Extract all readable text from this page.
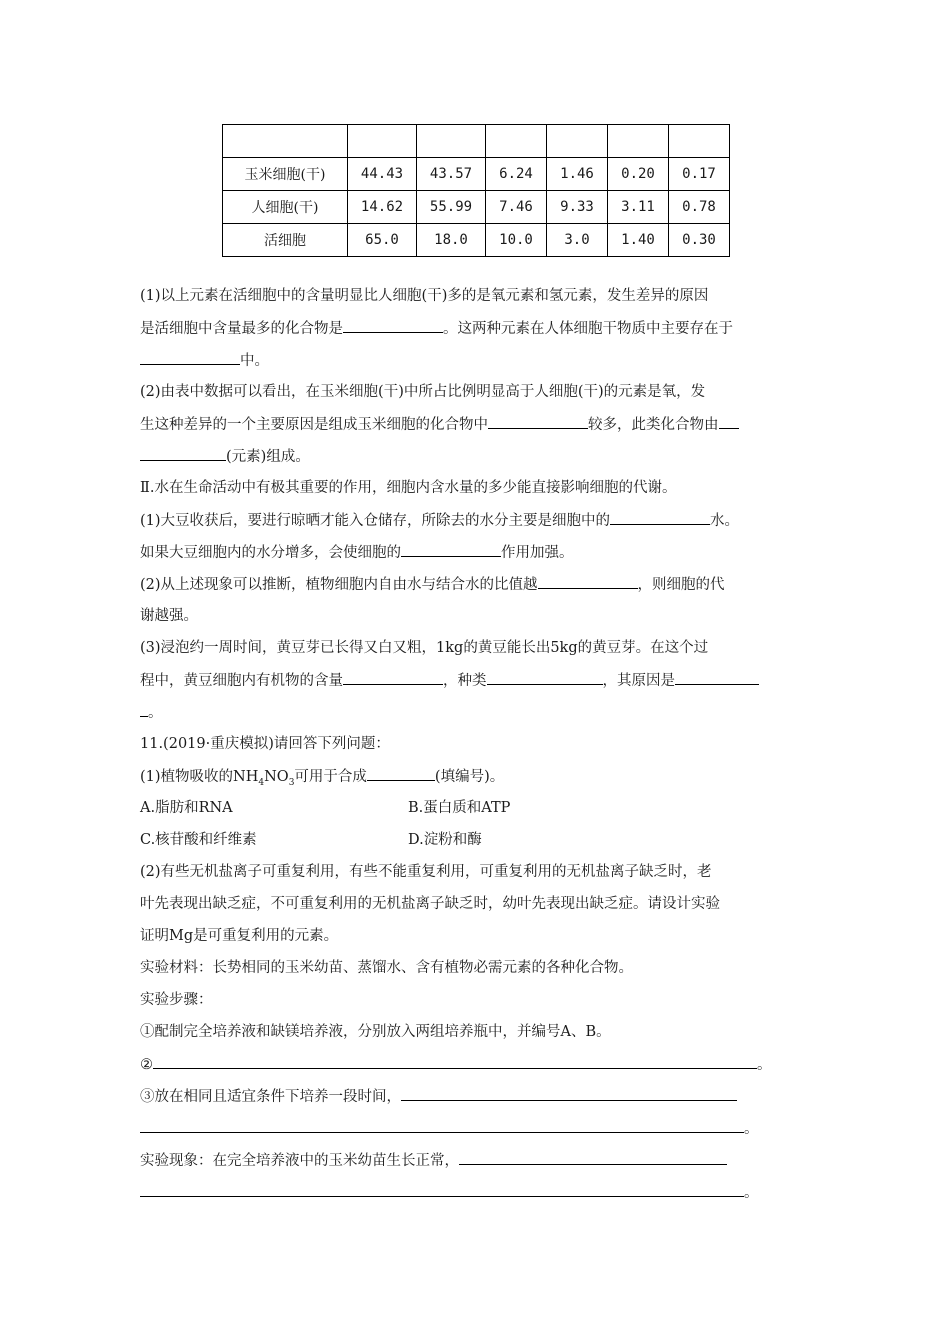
玉米细胞(干)	44.43	43.57	6.24	1.46	0.20	0.17
人细胞(干)	14.62	55.99	7.46	9.33	3.11	0.78
活细胞	65.0	18.0	10.0	3.0	1.40	0.30
(1)以上元素在活细胞中的含量明显比人细胞(干)多的是氧元素和氢元素，发生差异的原因
是活细胞中含量最多的化合物是	。这两种元素在人体细胞干物质中主要存在于
中。
(2)由表中数据可以看出，在玉米细胞(干)中所占比例明显高于人细胞(干)的元素是氧，发
生这种差异的一个主要原因是组成玉米细胞的化合物中	较多，此类化合物由
(元素)组成。
Ⅱ.水在生命活动中有极其重要的作用，细胞内含水量的多少能直接影响细胞的代谢。
(1)大豆收获后，要进行晾晒才能入仓储存，所除去的水分主要是细胞中的	水。
如果大豆细胞内的水分增多，会使细胞的	作用加强。
(2)从上述现象可以推断，植物细胞内自由水与结合水的比值越	，则细胞的代
谢越强。
(3)浸泡约一周时间，黄豆芽已长得又白又粗，1kg的黄豆能长出5kg的黄豆芽。在这个过
程中，黄豆细胞内有机物的含量	，种类	，其原因是
。
11.(2019·重庆模拟)请回答下列问题：
(1)植物吸收的$NH_4NO_3$可用于合成	(填编号)。
A.脂肪和RNA	B.蛋白质和ATP
C.核苷酸和纤维素	D.淀粉和酶
(2)有些无机盐离子可重复利用，有些不能重复利用，可重复利用的无机盐离子缺乏时，老
叶先表现出缺乏症，不可重复利用的无机盐离子缺乏时，幼叶先表现出缺乏症。请设计实验
证明Mg是可重复利用的元素。
实验材料：长势相同的玉米幼苗、蒸馏水、含有植物必需元素的各种化合物。
实验步骤：
①配制完全培养液和缺镁培养液，分别放入两组培养瓶中，并编号A、B。
②	。
③放在相同且适宜条件下培养一段时间，
。
实验现象：在完全培养液中的玉米幼苗生长正常，
。
